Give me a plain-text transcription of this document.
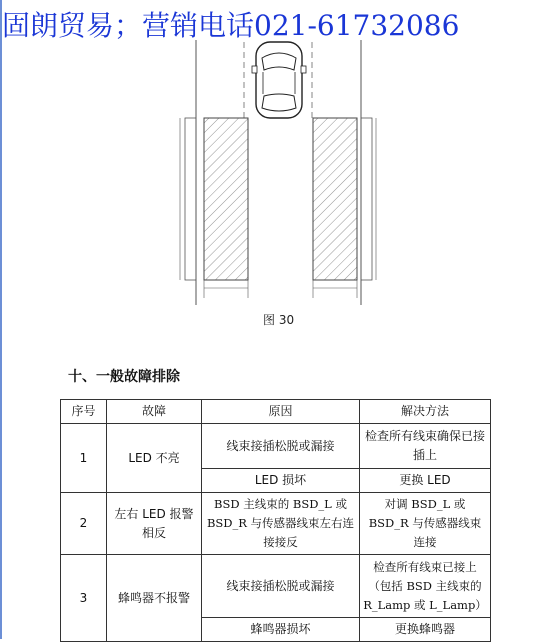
固朗贸易；营销电话021-61732086
图 30
十、一般故障排除
序号	故障	原因	解决方法
1	LED 不亮	线束接插松脱或漏接	检查所有线束确保已接插上
		LED 损坏	更换 LED
2	左右 LED 报警相反	BSD 主线束的 BSD_L 或 BSD_R 与传感器线束左右连接接反	对调 BSD_L 或 BSD_R 与传感器线束连接
3	蜂鸣器不报警	线束接插松脱或漏接	检查所有线束已接上（包括 BSD 主线束的 R_Lamp 或 L_Lamp）
		蜂鸣器损坏	更换蜂鸣器
